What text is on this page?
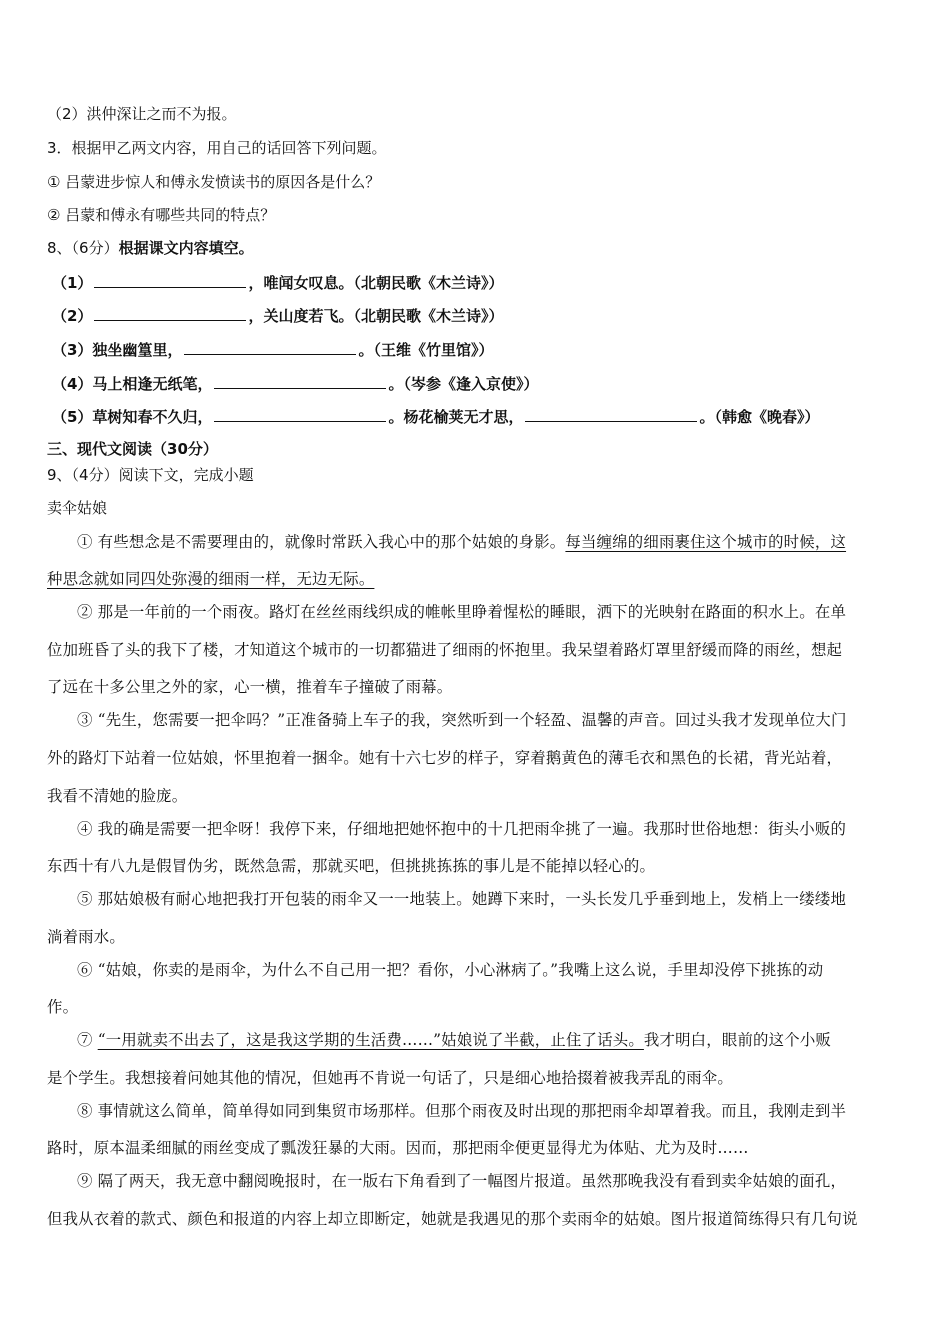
（2）洪仲深让之而不为报。
3．根据甲乙两文内容，用自己的话回答下列问题。
① 吕蒙进步惊人和傅永发愤读书的原因各是什么？
② 吕蒙和傅永有哪些共同的特点？
8、（6分）根据课文内容填空。
（1）	，唯闻女叹息。（北朝民歌《木兰诗》）
（2）	，关山度若飞。（北朝民歌《木兰诗》）
（3）独坐幽篁里，	。（王维《竹里馆》）
（4）马上相逢无纸笔，	。（岑参《逢入京使》）
（5）草树知春不久归，	。杨花榆荚无才思，	。（韩愈《晚春》）
三、现代文阅读（30分）
9、（4分）阅读下文，完成小题
卖伞姑娘
① 有些想念是不需要理由的，就像时常跃入我心中的那个姑娘的身影。每当缠绵的细雨裹住这个城市的时候，这
种思念就如同四处弥漫的细雨一样，无边无际。
② 那是一年前的一个雨夜。路灯在丝丝雨线织成的帷帐里睁着惺松的睡眼，洒下的光映射在路面的积水上。在单
位加班昏了头的我下了楼，才知道这个城市的一切都猫进了细雨的怀抱里。我呆望着路灯罩里舒缓而降的雨丝，想起
了远在十多公里之外的家，心一横，推着车子撞破了雨幕。
③ “先生，您需要一把伞吗？”正准备骑上车子的我，突然听到一个轻盈、温馨的声音。回过头我才发现单位大门
外的路灯下站着一位姑娘，怀里抱着一捆伞。她有十六七岁的样子，穿着鹅黄色的薄毛衣和黑色的长裙，背光站着，
我看不清她的脸庞。
④ 我的确是需要一把伞呀！我停下来，仔细地把她怀抱中的十几把雨伞挑了一遍。我那时世俗地想：街头小贩的
东西十有八九是假冒伪劣，既然急需，那就买吧，但挑挑拣拣的事儿是不能掉以轻心的。
⑤ 那姑娘极有耐心地把我打开包装的雨伞又一一地装上。她蹲下来时，一头长发几乎垂到地上，发梢上一缕缕地
淌着雨水。
⑥ “姑娘，你卖的是雨伞，为什么不自己用一把？看你，小心淋病了。”我嘴上这么说，手里却没停下挑拣的动
作。
⑦ “一用就卖不出去了，这是我这学期的生活费……”姑娘说了半截，止住了话头。我才明白，眼前的这个小贩
是个学生。我想接着问她其他的情况，但她再不肯说一句话了，只是细心地拾掇着被我弄乱的雨伞。
⑧ 事情就这么简单，简单得如同到集贸市场那样。但那个雨夜及时出现的那把雨伞却罩着我。而且，我刚走到半
路时，原本温柔细腻的雨丝变成了瓢泼狂暴的大雨。因而，那把雨伞便更显得尤为体贴、尤为及时……
⑨ 隔了两天，我无意中翻阅晚报时，在一版右下角看到了一幅图片报道。虽然那晚我没有看到卖伞姑娘的面孔，
但我从衣着的款式、颜色和报道的内容上却立即断定，她就是我遇见的那个卖雨伞的姑娘。图片报道简练得只有几句说
